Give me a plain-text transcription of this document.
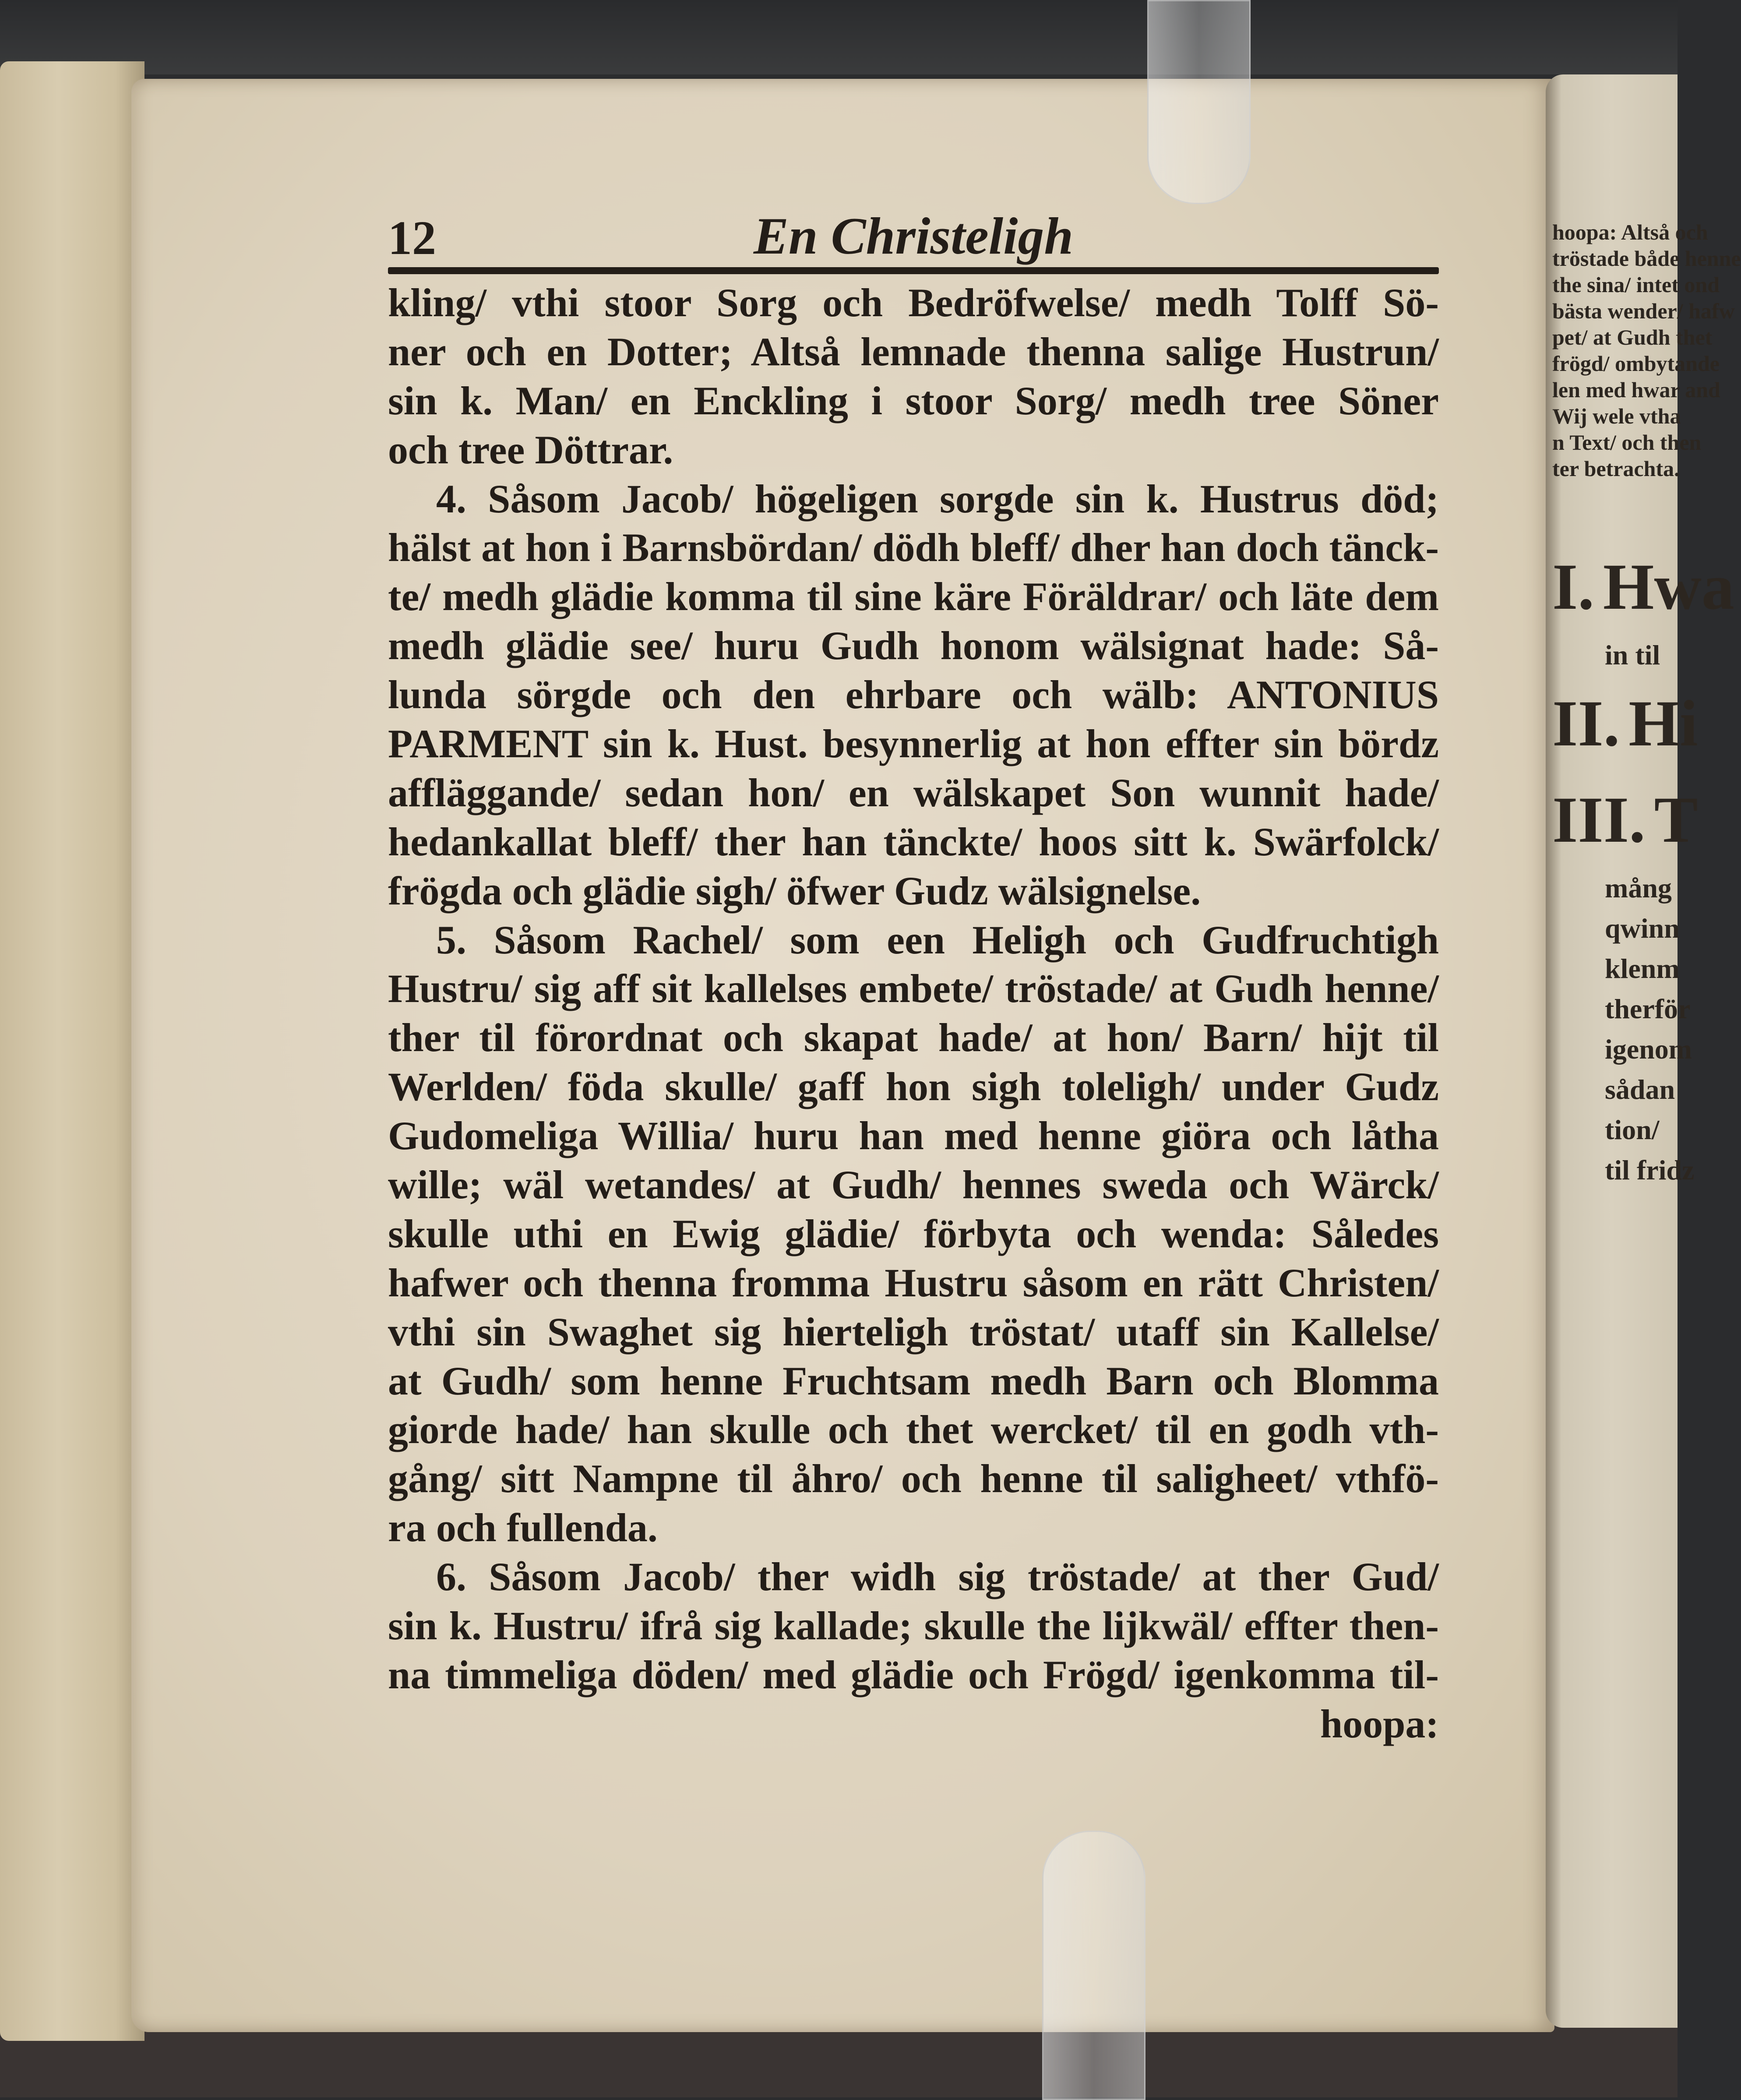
12	En Christeligh
kling/ vthi stoor Sorg och Bedröfwelse/ medh Tolff Sö-
ner och en Dotter; Altså lemnade thenna salige Hustrun/
sin k. Man/ en Enckling i stoor Sorg/ medh tree Söner
och tree Döttrar.
4. Såsom Jacob/ högeligen sorgde sin k. Hustrus död;
hälst at hon i Barnsbördan/ dödh bleff/ dher han doch tänck-
te/ medh glädie komma til sine käre Föräldrar/ och läte dem
medh glädie see/ huru Gudh honom wälsignat hade: Så-
lunda sörgde och den ehrbare och wälb: ANTONIUS
PARMENT sin k. Hust. besynnerlig at hon effter sin bördz
affläggande/ sedan hon/ en wälskapet Son wunnit hade/
hedankallat bleff/ ther han tänckte/ hoos sitt k. Swärfolck/
frögda och glädie sigh/ öfwer Gudz wälsignelse.
5. Såsom Rachel/ som een Heligh och Gudfruchtigh
Hustru/ sig aff sit kallelses embete/ tröstade/ at Gudh henne/
ther til förordnat och skapat hade/ at hon/ Barn/ hijt til
Werlden/ föda skulle/ gaff hon sigh toleligh/ under Gudz
Gudomeliga Willia/ huru han med henne giöra och låtha
wille; wäl wetandes/ at Gudh/ hennes sweda och Wärck/
skulle uthi en Ewig glädie/ förbyta och wenda: Således
hafwer och thenna fromma Hustru såsom en rätt Christen/
vthi sin Swaghet sig hierteligh tröstat/ utaff sin Kallelse/
at Gudh/ som henne Fruchtsam medh Barn och Blomma
giorde hade/ han skulle och thet wercket/ til en godh vth-
gång/ sitt Nampne til åhro/ och henne til saligheet/ vthfö-
ra och fullenda.
6. Såsom Jacob/ ther widh sig tröstade/ at ther Gud/
sin k. Hustru/ ifrå sig kallade; skulle the lijkwäl/ effter then-
na timmeliga döden/ med glädie och Frögd/ igenkomma til-
hoopa:
hoopa: Altså och
tröstade både henne
the sina/ intet ond
bästa wender/ hafw
pet/ at Gudh thet
frögd/ ombytande
len med hwar and
Wij wele vtha
n Text/ och then
ter betrachta.
I. Hwa
in til
II. Hi
III. T
mång
qwinn
klenm
therför
igenom
sådan
tion/
til fridz
